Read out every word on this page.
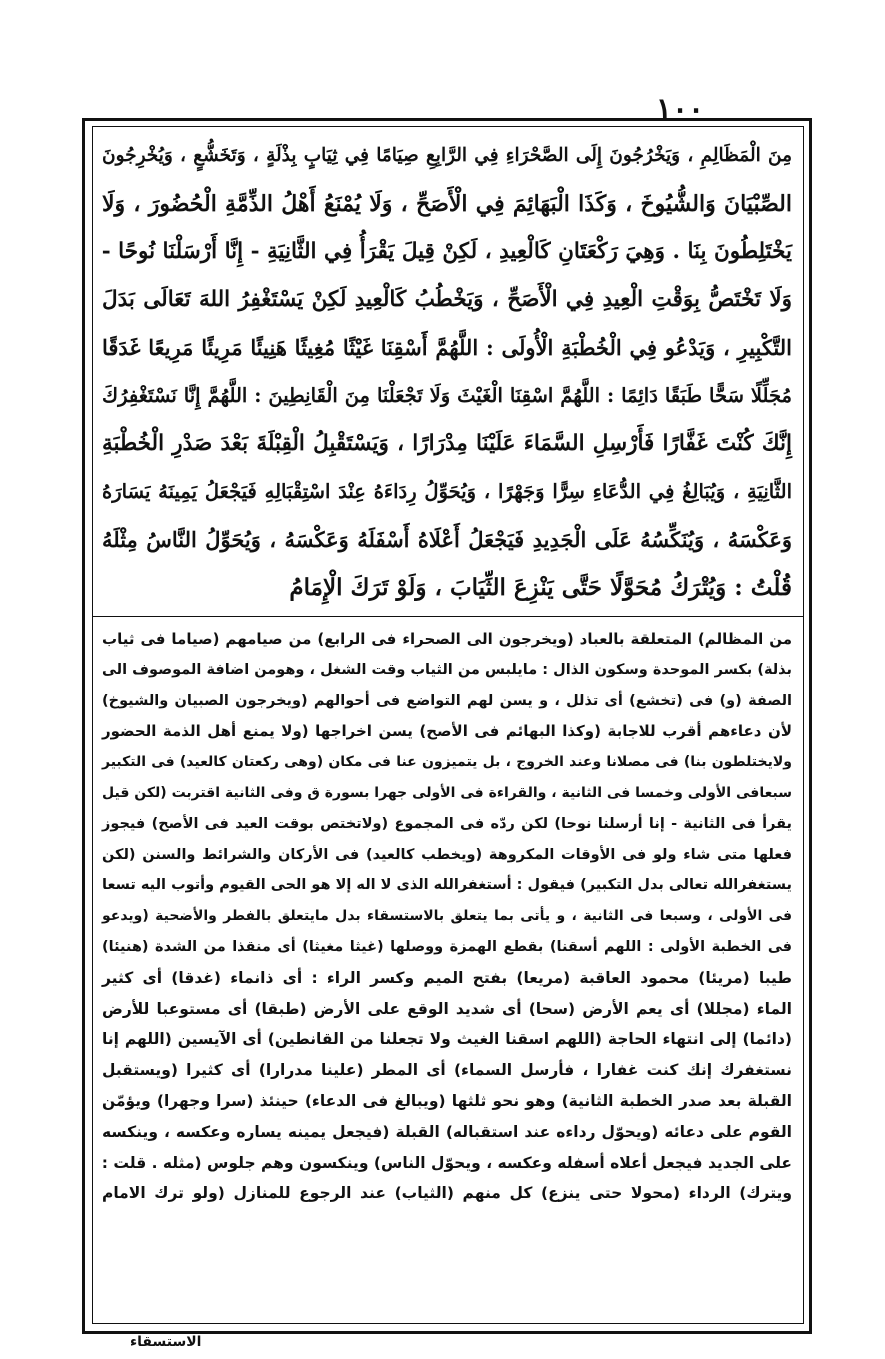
١٠٠
مِنَ الْمَظَالِمِ ، وَيَخْرُجُونَ إِلَى الصَّحْرَاءِ فِي الرَّابِعِ صِيَامًا فِي ثِيَابٍ بِذْلَةٍ ، وَتَخَشُّعٍ ، وَيُخْرِجُونَ
الصِّبْيَانَ وَالشُّيُوخَ ، وَكَذَا الْبَهَائِمَ فِي الْأَصَحِّ ، وَلَا يُمْنَعُ أَهْلُ الذِّمَّةِ الْحُضُورَ ، وَلَا
يَخْتَلِطُونَ بِنَا . وَهِيَ رَكْعَتَانِ كَالْعِيدِ ، لَكِنْ قِيلَ يَقْرَأُ فِي الثَّانِيَةِ - إِنَّا أَرْسَلْنَا نُوحًا -
وَلَا تَخْتَصُّ بِوَقْتِ الْعِيدِ فِي الْأَصَحِّ ، وَيَخْطُبُ كَالْعِيدِ لَكِنْ يَسْتَغْفِرُ اللهَ تَعَالَى بَدَلَ
التَّكْبِيرِ ، وَيَدْعُو فِي الْخُطْبَةِ الْأُولَى : اللَّهُمَّ أَسْقِنَا غَيْثًا مُغِيثًا هَنِيئًا مَرِيئًا مَرِيعًا غَدَقًا
مُجَلِّلًا سَحًّا طَبَقًا دَائِمًا : اللَّهُمَّ اسْقِنَا الْغَيْثَ وَلَا تَجْعَلْنَا مِنَ الْقَانِطِينَ : اللَّهُمَّ إِنَّا نَسْتَغْفِرُكَ
إِنَّكَ كُنْتَ غَفَّارًا فَأَرْسِلِ السَّمَاءَ عَلَيْنَا مِدْرَارًا ، وَيَسْتَقْبِلُ الْقِبْلَةَ بَعْدَ صَدْرِ الْخُطْبَةِ
الثَّانِيَةِ ، وَيُبَالِغُ فِي الدُّعَاءِ سِرًّا وَجَهْرًا ، وَيُحَوِّلُ رِدَاءَهُ عِنْدَ اسْتِقْبَالِهِ فَيَجْعَلُ يَمِينَهُ يَسَارَهُ
وَعَكْسَهُ ، وَيُنَكِّسُهُ عَلَى الْجَدِيدِ فَيَجْعَلُ أَعْلَاهُ أَسْفَلَهُ وَعَكْسَهُ ، وَيُحَوِّلُ النَّاسُ مِثْلَهُ
قُلْتُ : وَيُتْرَكُ مُحَوَّلًا حَتَّى يَنْزِعَ الثِّيَابَ ، وَلَوْ تَرَكَ الْإِمَامُ
من المظالم) المتعلقة بالعباد (ويخرجون الى الصحراء فى الرابع) من صيامهم (صياما فى ثياب
بذلة) بكسر الموحدة وسكون الذال : مايلبس من الثياب وقت الشغل ، وهومن اضافة الموصوف الى
الصفة (و) فى (تخشع) أى تذلل ، و يسن لهم التواضع فى أحوالهم (ويخرجون الصبيان والشيوخ)
لأن دعاءهم أقرب للاجابة (وكذا البهائم فى الأصح) يسن اخراجها (ولا يمنع أهل الذمة الحضور
ولايختلطون بنا) فى مصلانا وعند الخروج ، بل يتميزون عنا فى مكان (وهى ركعتان كالعيد) فى التكبير
سبعافى الأولى وخمسا فى الثانية ، والقراءة فى الأولى جهرا بسورة ق وفى الثانية اقتربت (لكن قيل
يقرأ فى الثانية - إنا أرسلنا نوحا) لكن ردّه فى المجموع (ولاتختص بوقت العيد فى الأصح) فيجوز
فعلها متى شاء ولو فى الأوقات المكروهة (ويخطب كالعيد) فى الأركان والشرائط والسنن (لكن
يستغفرالله تعالى بدل التكبير) فيقول : أستغفرالله الذى لا اله إلا هو الحى القيوم وأتوب اليه تسعا
فى الأولى ، وسبعا فى الثانية ، و يأتى بما يتعلق بالاستسقاء بدل مايتعلق بالفطر والأضحية (ويدعو
فى الخطبة الأولى : اللهم أسقنا) بقطع الهمزة ووصلها (غيثا مغيثا) أى منقذا من الشدة (هنيئا)
طيبا (مريئا) محمود العاقبة (مريعا) بفتح الميم وكسر الراء : أى ذانماء (غدقا) أى كثير
الماء (مجللا) أى يعم الأرض (سحا) أى شديد الوقع على الأرض (طبقا) أى مستوعبا للأرض
(دائما) إلى انتهاء الحاجة (اللهم اسقنا الغيث ولا تجعلنا من القانطين) أى الآيسين (اللهم إنا
نستغفرك إنك كنت غفارا ، فأرسل السماء) أى المطر (علينا مدرارا) أى كثيرا (ويستقبل
القبلة بعد صدر الخطبة الثانية) وهو نحو ثلثها (ويبالغ فى الدعاء) حينئذ (سرا وجهرا) ويؤمّن
القوم على دعائه (ويحوّل رداءه عند استقباله) القبلة (فيجعل يمينه يساره وعكسه ، وينكسه
على الجديد فيجعل أعلاه أسفله وعكسه ، ويحوّل الناس) وينكسون وهم جلوس (مثله . قلت :
ويترك) الرداء (محولا حتى ينزع) كل منهم (الثياب) عند الرجوع للمنازل (ولو ترك الامام
الاستسقاء
